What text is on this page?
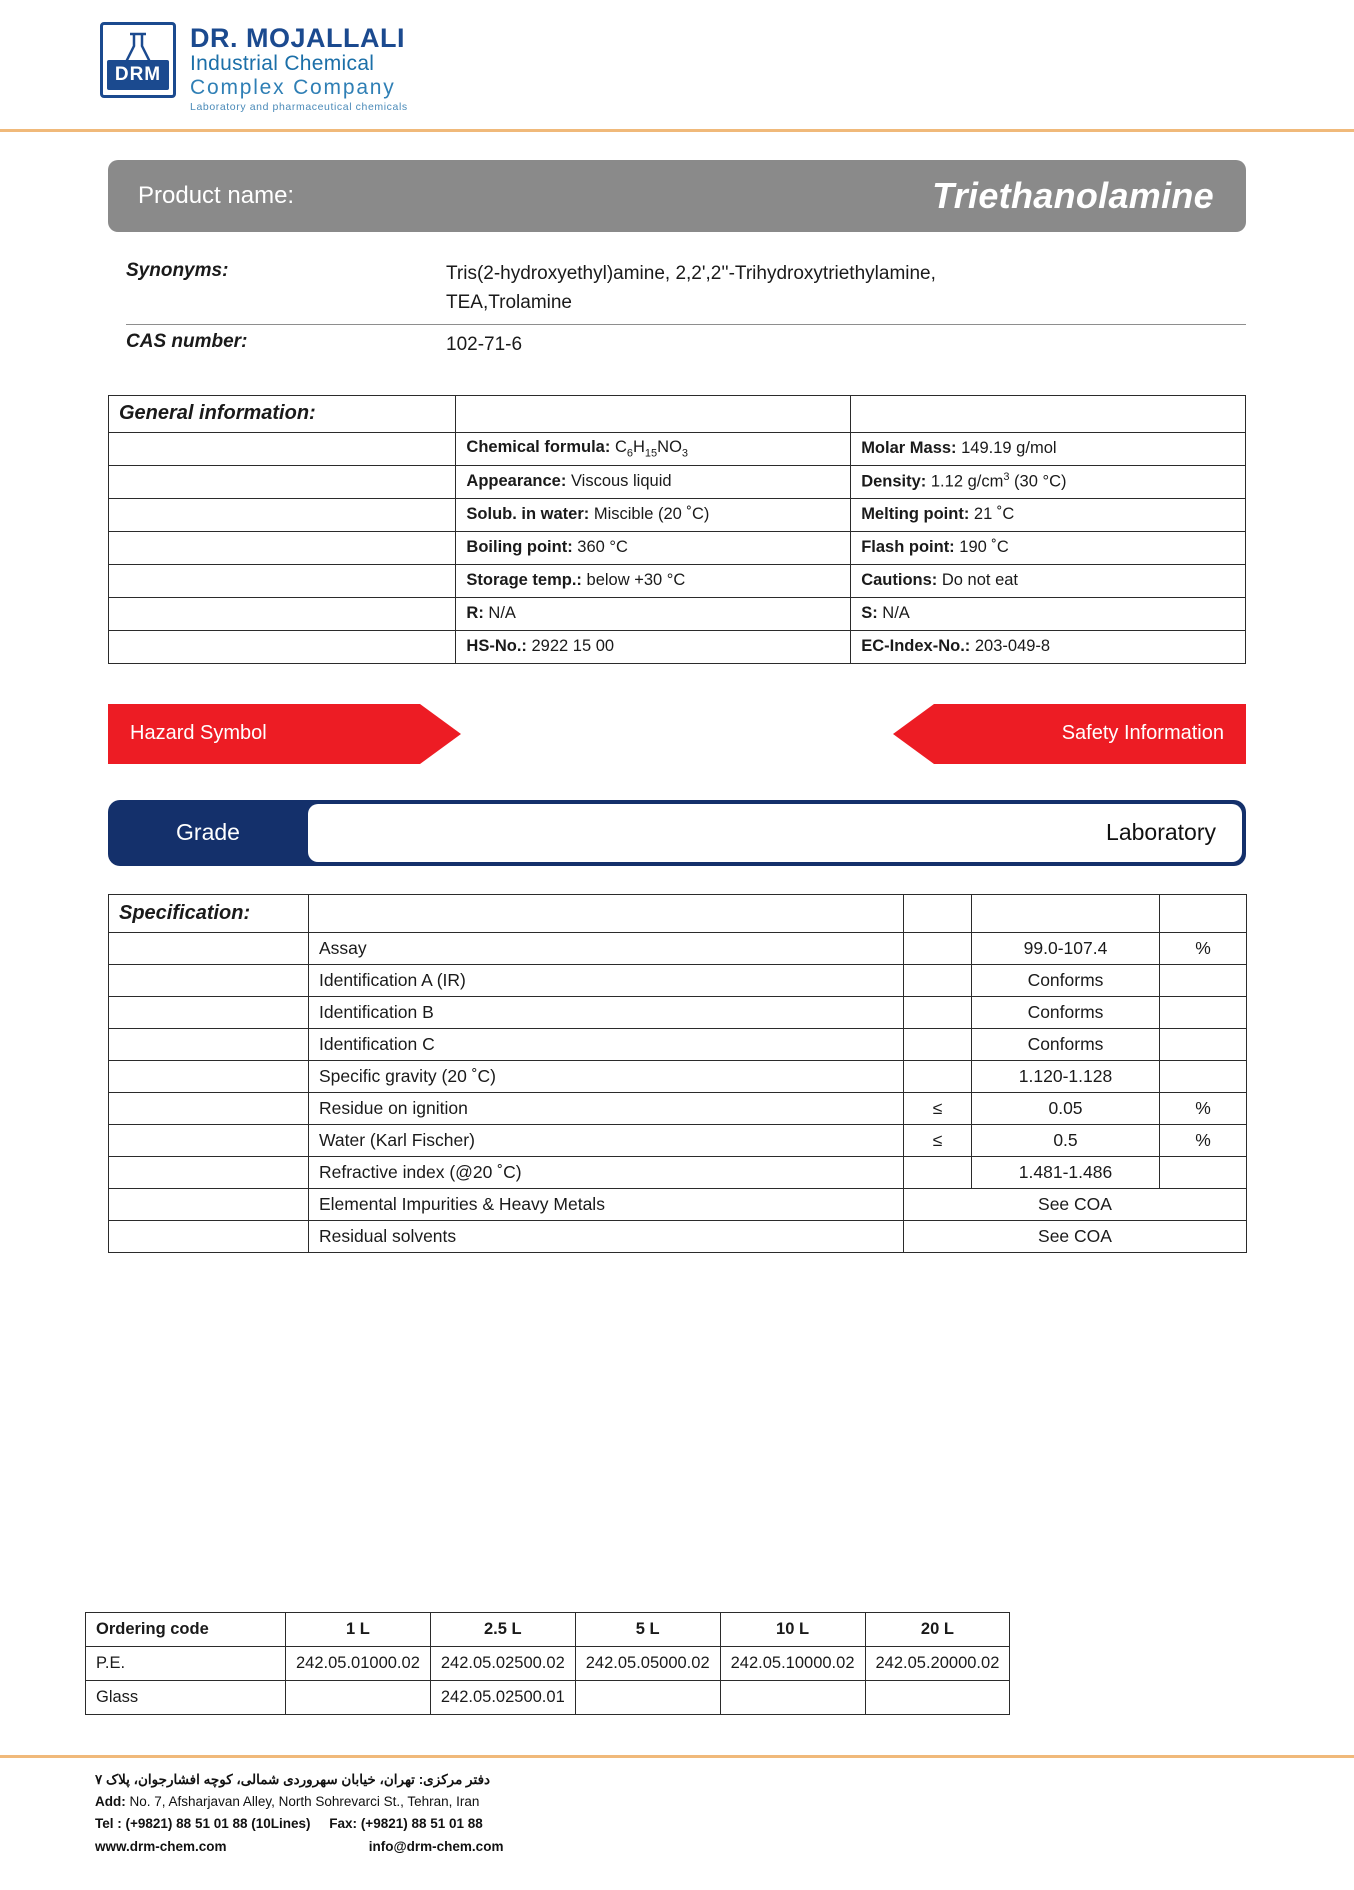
DRM
DR. MOJALLALI
Industrial Chemical
Complex Company
Laboratory and pharmaceutical chemicals
Product name:	Triethanolamine
Synonyms:	Tris(2-hydroxyethyl)amine, 2,2',2''-Trihydroxytriethylamine,
TEA,Trolamine
CAS number:	102-71-6
General information:		
	Chemical formula: $C_6H_{15}NO_3$	Molar Mass: 149.19 g/mol
	Appearance: Viscous liquid	Density: 1.12 $g/cm^3$ (30 °C)
	Solub. in water: Miscible (20 ˚C)	Melting point: 21 ˚C
	Boiling point: 360 °C	Flash point: 190 ˚C
	Storage temp.: below +30 °C	Cautions: Do not eat
	R: N/A	S: N/A
	HS-No.: 2922 15 00	EC-Index-No.: 203-049-8
Hazard Symbol	Safety Information
Grade	Laboratory
Specification:				
	Assay		99.0-107.4	%
	Identification A (IR)		Conforms	
	Identification B		Conforms	
	Identification C		Conforms	
	Specific gravity (20 ˚C)		1.120-1.128	
	Residue on ignition	≤	0.05	%
	Water (Karl Fischer)	≤	0.5	%
	Refractive index (@20 ˚C)		1.481-1.486	
	Elemental Impurities & Heavy Metals	See COA		
	Residual solvents	See COA		
Ordering code	1 L	2.5 L	5 L	10 L	20 L
P.E.	242.05.01000.02	242.05.02500.02	242.05.05000.02	242.05.10000.02	242.05.20000.02
Glass		242.05.02500.01			
دفتر مرکزی: تهران، خیابان سهروردی شمالی، کوچه افشارجوان، پلاک ۷
Add: No. 7, Afsharjavan Alley, North Sohrevarci St., Tehran, Iran
Tel : (+9821) 88 51 01 88 (10Lines) Fax: (+9821) 88 51 01 88
www.drm-chem.com	info@drm-chem.com
